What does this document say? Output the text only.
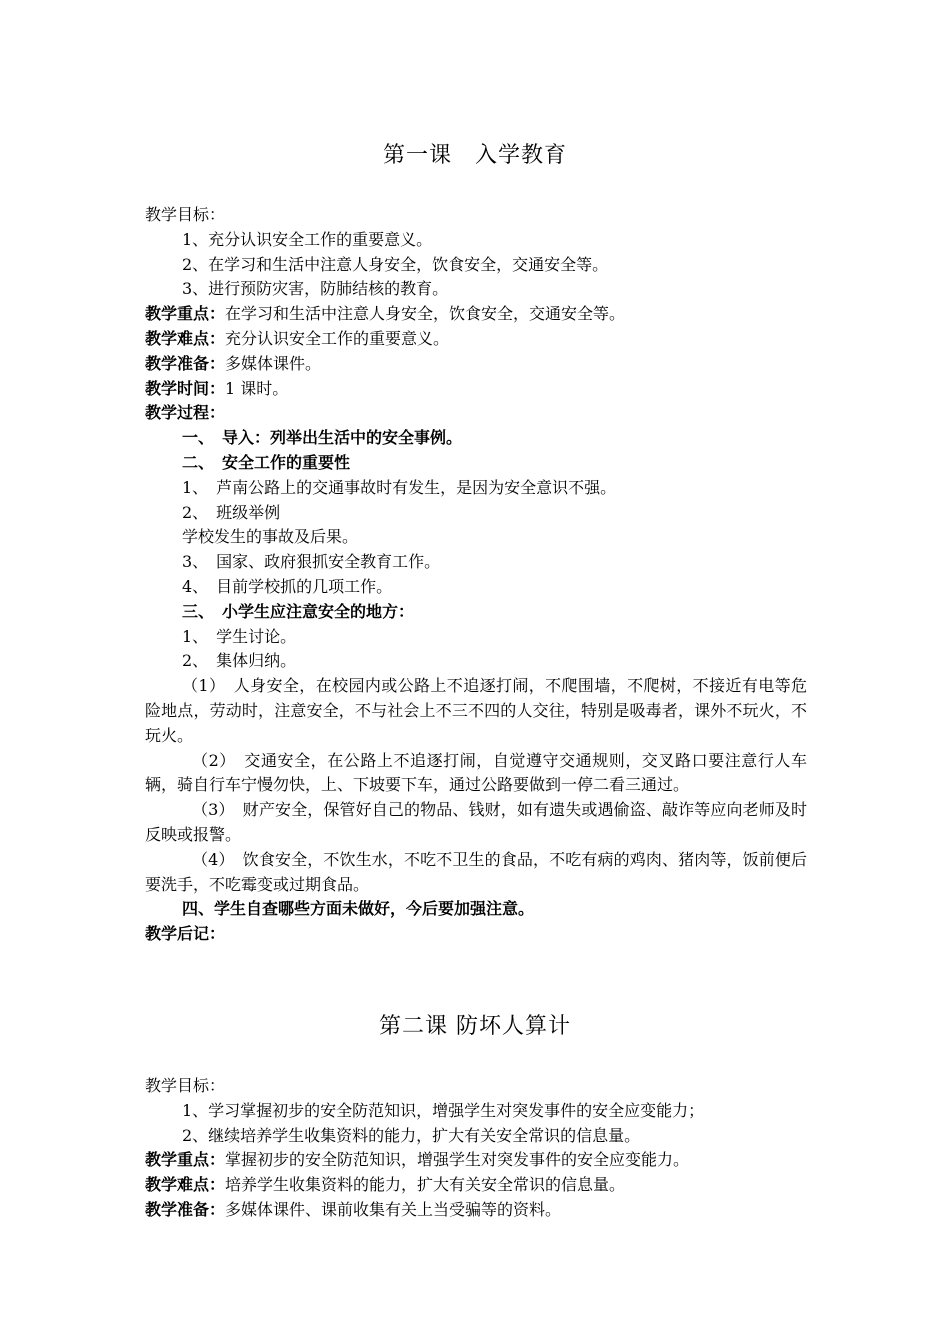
第一课　入学教育
教学目标：
1、充分认识安全工作的重要意义。
2、在学习和生活中注意人身安全，饮食安全，交通安全等。
3、进行预防灾害，防肺结核的教育。
教学重点：在学习和生活中注意人身安全，饮食安全，交通安全等。
教学难点：充分认识安全工作的重要意义。
教学准备：多媒体课件。
教学时间：1 课时。
教学过程：
一、　导入：列举出生活中的安全事例。
二、　安全工作的重要性
1、　芦南公路上的交通事故时有发生，是因为安全意识不强。
2、　班级举例
学校发生的事故及后果。
3、　国家、政府狠抓安全教育工作。
4、　目前学校抓的几项工作。
三、　小学生应注意安全的地方：
1、　学生讨论。
2、　集体归纳。
（1）　人身安全，在校园内或公路上不追逐打闹，不爬围墙，不爬树，不接近有电等危险地点，劳动时，注意安全，不与社会上不三不四的人交往，特别是吸毒者，课外不玩火，不玩火。
（2）　交通安全，在公路上不追逐打闹，自觉遵守交通规则，交叉路口要注意行人车辆，骑自行车宁慢勿快，上、下坡要下车，通过公路要做到一停二看三通过。
（3）　财产安全，保管好自己的物品、钱财，如有遗失或遇偷盗、敲诈等应向老师及时反映或报警。
（4）　饮食安全，不饮生水，不吃不卫生的食品，不吃有病的鸡肉、猪肉等，饭前便后要洗手，不吃霉变或过期食品。
四、学生自查哪些方面未做好，今后要加强注意。
教学后记：
第二课 防坏人算计
教学目标：
1、学习掌握初步的安全防范知识，增强学生对突发事件的安全应变能力；
2、继续培养学生收集资料的能力，扩大有关安全常识的信息量。
教学重点：掌握初步的安全防范知识，增强学生对突发事件的安全应变能力。
教学难点：培养学生收集资料的能力，扩大有关安全常识的信息量。
教学准备：多媒体课件、课前收集有关上当受骗等的资料。
